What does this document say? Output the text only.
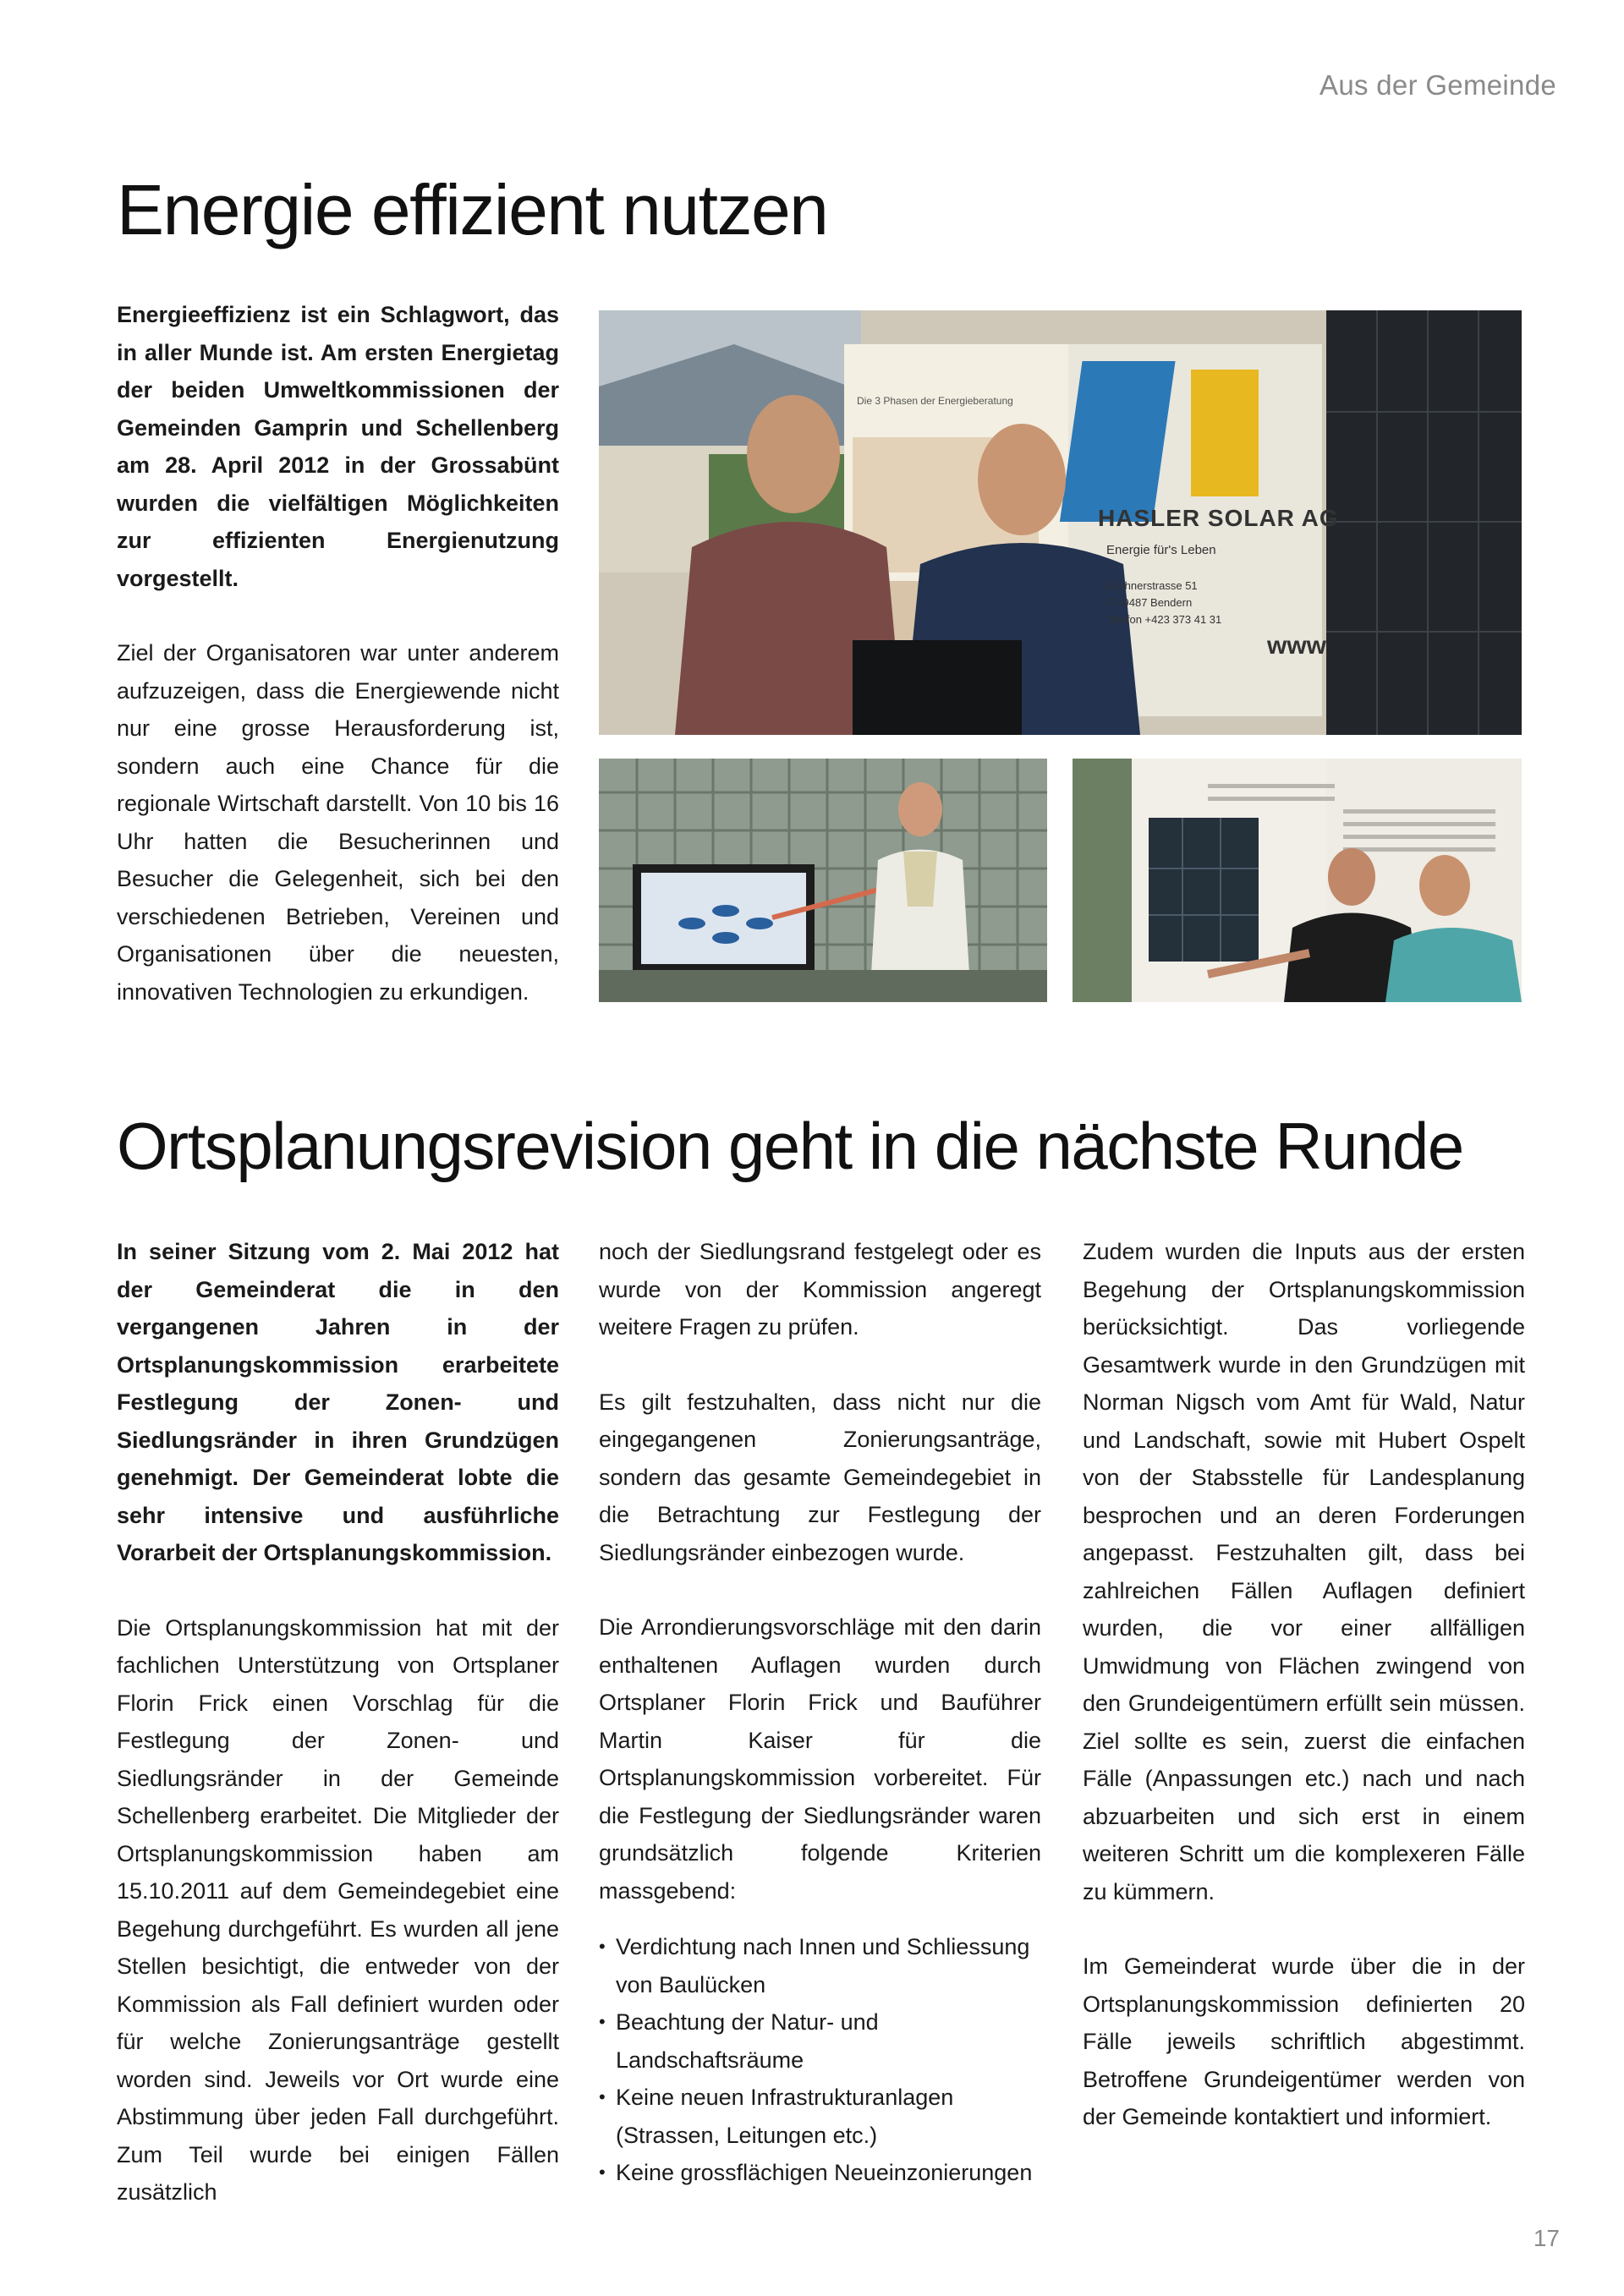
Aus der Gemeinde
Energie effizient nutzen

Energieeffizienz ist ein Schlagwort, das in aller Munde ist. Am ersten Energietag der beiden Umweltkommissionen der Gemeinden Gamprin und Schellenberg am 28. April 2012 in der Grossabünt wurden die vielfältigen Möglichkeiten zur effizienten Energienutzung vorgestellt.

Ziel der Organisatoren war unter anderem aufzuzeigen, dass die Energiewende nicht nur eine grosse Herausforderung ist, sondern auch eine Chance für die regionale Wirtschaft darstellt. Von 10 bis 16 Uhr hatten die Besucherinnen und Besucher die Gelegenheit, sich bei den verschiedenen Betrieben, Vereinen und Organisationen über die neuesten, innovativen Technologien zu erkundigen.

HASLER SOLAR AG
Energie für's Leben
Eschnerstrasse 51
FL-9487 Bendern
Telefon +423 373 41 31
www
Die 3 Phasen der Energieberatung
Ortsplanungsrevision geht in die nächste Runde

In seiner Sitzung vom 2. Mai 2012 hat der Gemeinderat die in den vergangenen Jahren in der Ortsplanungskommission erarbeitete Festlegung der Zonen- und Siedlungsränder in ihren Grundzügen genehmigt. Der Gemeinderat lobte die sehr intensive und ausführliche Vorarbeit der Ortsplanungskommission.

Die Ortsplanungskommission hat mit der fachlichen Unterstützung von Ortsplaner Florin Frick einen Vorschlag für die Festlegung der Zonen- und Siedlungsränder in der Gemeinde Schellenberg erarbeitet. Die Mitglieder der Ortsplanungskommission haben am 15.10.2011 auf dem Gemeindegebiet eine Begehung durchgeführt. Es wurden all jene Stellen besichtigt, die entweder von der Kommission als Fall definiert wurden oder für welche Zonierungsanträge gestellt worden sind. Jeweils vor Ort wurde eine Abstimmung über jeden Fall durchgeführt. Zum Teil wurde bei einigen Fällen zusätzlich

noch der Siedlungsrand festgelegt oder es wurde von der Kommission angeregt weitere Fragen zu prüfen.

Es gilt festzuhalten, dass nicht nur die eingegangenen Zonierungsanträge, sondern das gesamte Gemeindegebiet in die Betrachtung zur Festlegung der Siedlungsränder einbezogen wurde.

Die Arrondierungsvorschläge mit den darin enthaltenen Auflagen wurden durch Ortsplaner Florin Frick und Bauführer Martin Kaiser für die Ortsplanungskommission vorbereitet. Für die Festlegung der Siedlungsränder waren grundsätzlich folgende Kriterien massgebend:

• Verdichtung nach Innen und Schliessung von Baulücken
• Beachtung der Natur- und Landschaftsräume
• Keine neuen Infrastrukturanlagen (Strassen, Leitungen etc.)
• Keine grossflächigen Neueinzonierungen

Zudem wurden die Inputs aus der ersten Begehung der Ortsplanungskommission berücksichtigt. Das vorliegende Gesamtwerk wurde in den Grundzügen mit Norman Nigsch vom Amt für Wald, Natur und Landschaft, sowie mit Hubert Ospelt von der Stabsstelle für Landesplanung besprochen und an deren Forderungen angepasst. Festzuhalten gilt, dass bei zahlreichen Fällen Auflagen definiert wurden, die vor einer allfälligen Umwidmung von Flächen zwingend von den Grundeigentümern erfüllt sein müssen. Ziel sollte es sein, zuerst die einfachen Fälle (Anpassungen etc.) nach und nach abzuarbeiten und sich erst in einem weiteren Schritt um die komplexeren Fälle zu kümmern.

Im Gemeinderat wurde über die in der Ortsplanungskommission definierten 20 Fälle jeweils schriftlich abgestimmt. Betroffene Grundeigentümer werden von der Gemeinde kontaktiert und informiert.

17
